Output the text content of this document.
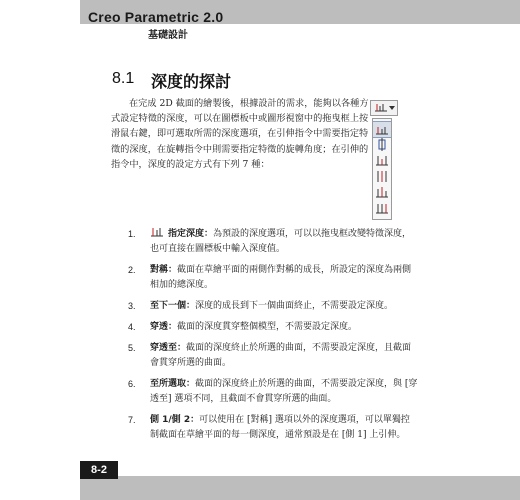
Creo Parametric 2.0
基礎設計
8.1 深度的探討

在完成 2D 截面的繪製後，根據設計的需求，能夠以各種方式設定特徵的深度，可以在圖標板中或圖形視窗中的拖曳框上按滑鼠右鍵，即可選取所需的深度選項，在引伸指令中需要指定特徵的深度，在旋轉指令中則需要指定特徵的旋轉角度；在引伸的指令中，深度的設定方式有下列 7 種：

1.	指定深度：為預設的深度選項，可以以拖曳框改變特徵深度，也可直接在圖標板中輸入深度值。
2. 對稱：截面在草繪平面的兩側作對稱的成長，所設定的深度為兩側相加的總深度。
3. 至下一個：深度的成長到下一個曲面終止，不需要設定深度。
4. 穿透：截面的深度貫穿整個模型，不需要設定深度。
5. 穿透至：截面的深度終止於所選的曲面，不需要設定深度，且截面會貫穿所選的曲面。
6. 至所選取：截面的深度終止於所選的曲面，不需要設定深度，與 [穿透至] 選項不同，且截面不會貫穿所選的曲面。
7. 側 1/側 2：可以使用在 [對稱] 選項以外的深度選項，可以單獨控制截面在草繪平面的每一側深度，通常預設是在 [側 1] 上引伸。
8-2
